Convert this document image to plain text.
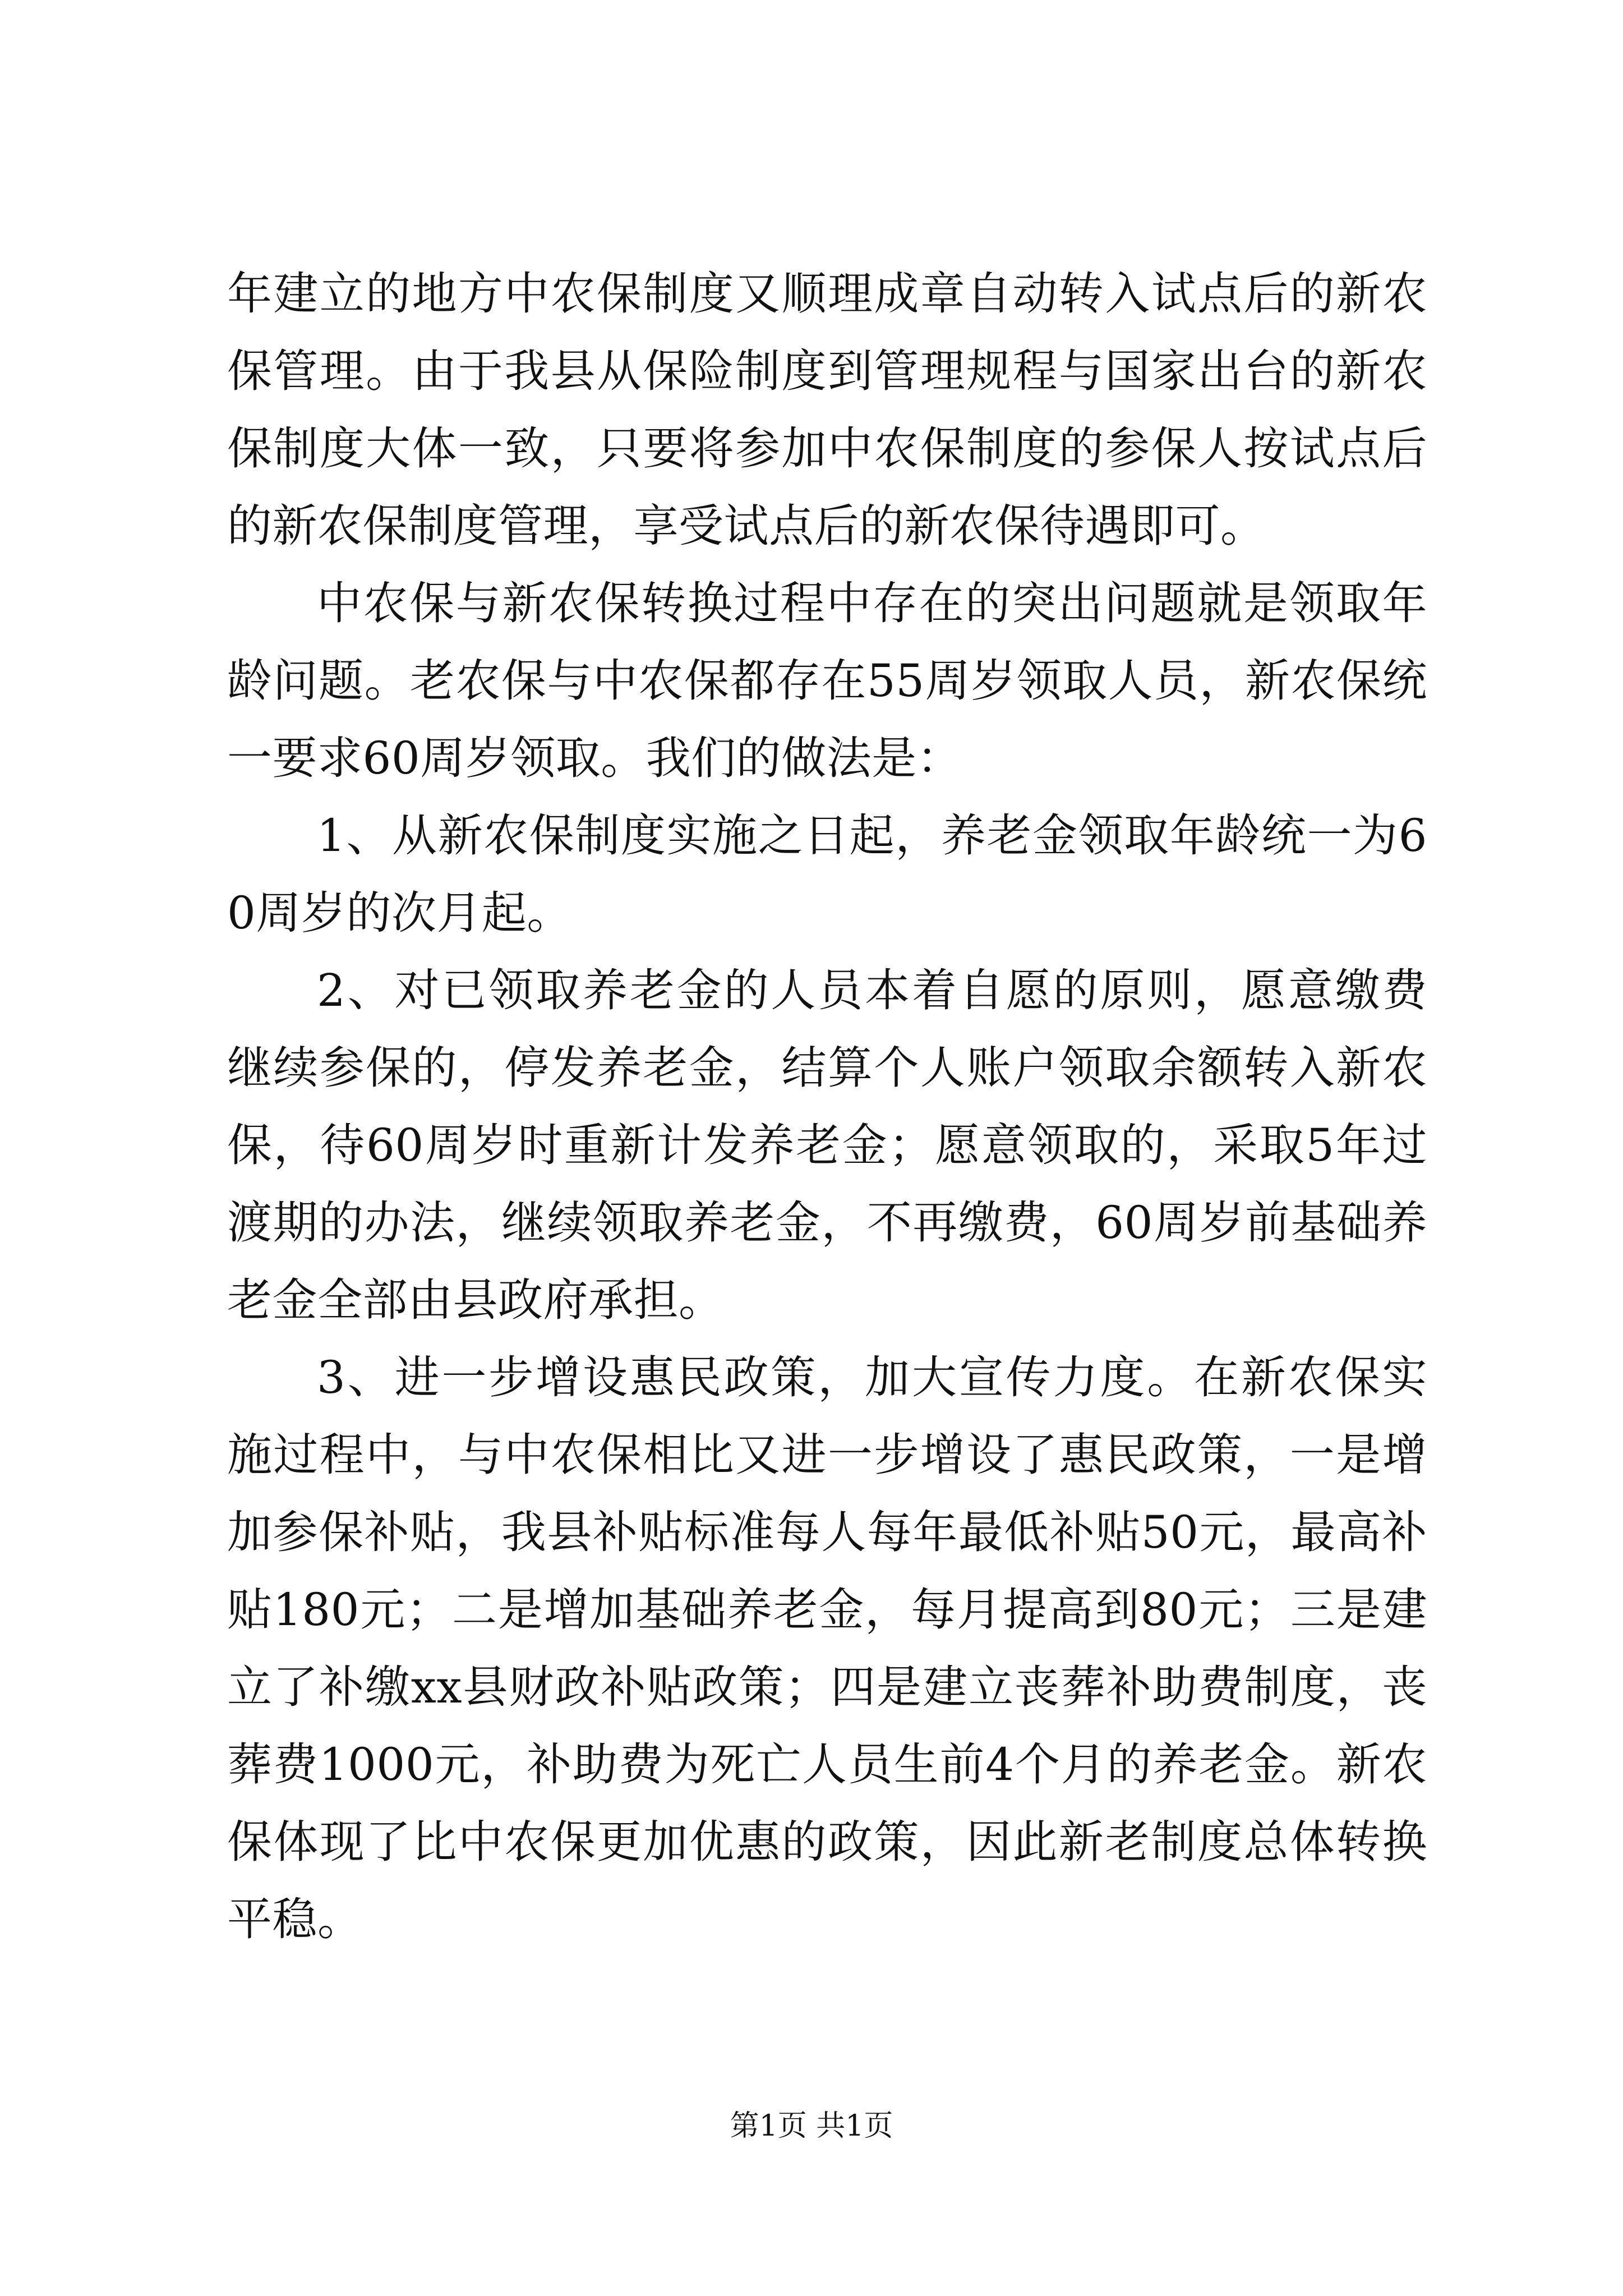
年建立的地方中农保制度又顺理成章自动转入试点后的新农保管理。由于我县从保险制度到管理规程与国家出台的新农保制度大体一致，只要将参加中农保制度的参保人按试点后的新农保制度管理，享受试点后的新农保待遇即可。

中农保与新农保转换过程中存在的突出问题就是领取年龄问题。老农保与中农保都存在55周岁领取人员，新农保统一要求60周岁领取。我们的做法是：

1、从新农保制度实施之日起，养老金领取年龄统一为60周岁的次月起。

2、对已领取养老金的人员本着自愿的原则，愿意缴费继续参保的，停发养老金，结算个人账户领取余额转入新农保，待60周岁时重新计发养老金；愿意领取的，采取5年过渡期的办法，继续领取养老金，不再缴费，60周岁前基础养老金全部由县政府承担。

3、进一步增设惠民政策，加大宣传力度。在新农保实施过程中，与中农保相比又进一步增设了惠民政策，一是增加参保补贴，我县补贴标准每人每年最低补贴50元，最高补贴180元；二是增加基础养老金，每月提高到80元；三是建立了补缴xx县财政补贴政策；四是建立丧葬补助费制度，丧葬费1000元，补助费为死亡人员生前4个月的养老金。新农保体现了比中农保更加优惠的政策，因此新老制度总体转换平稳。

第1页 共1页
